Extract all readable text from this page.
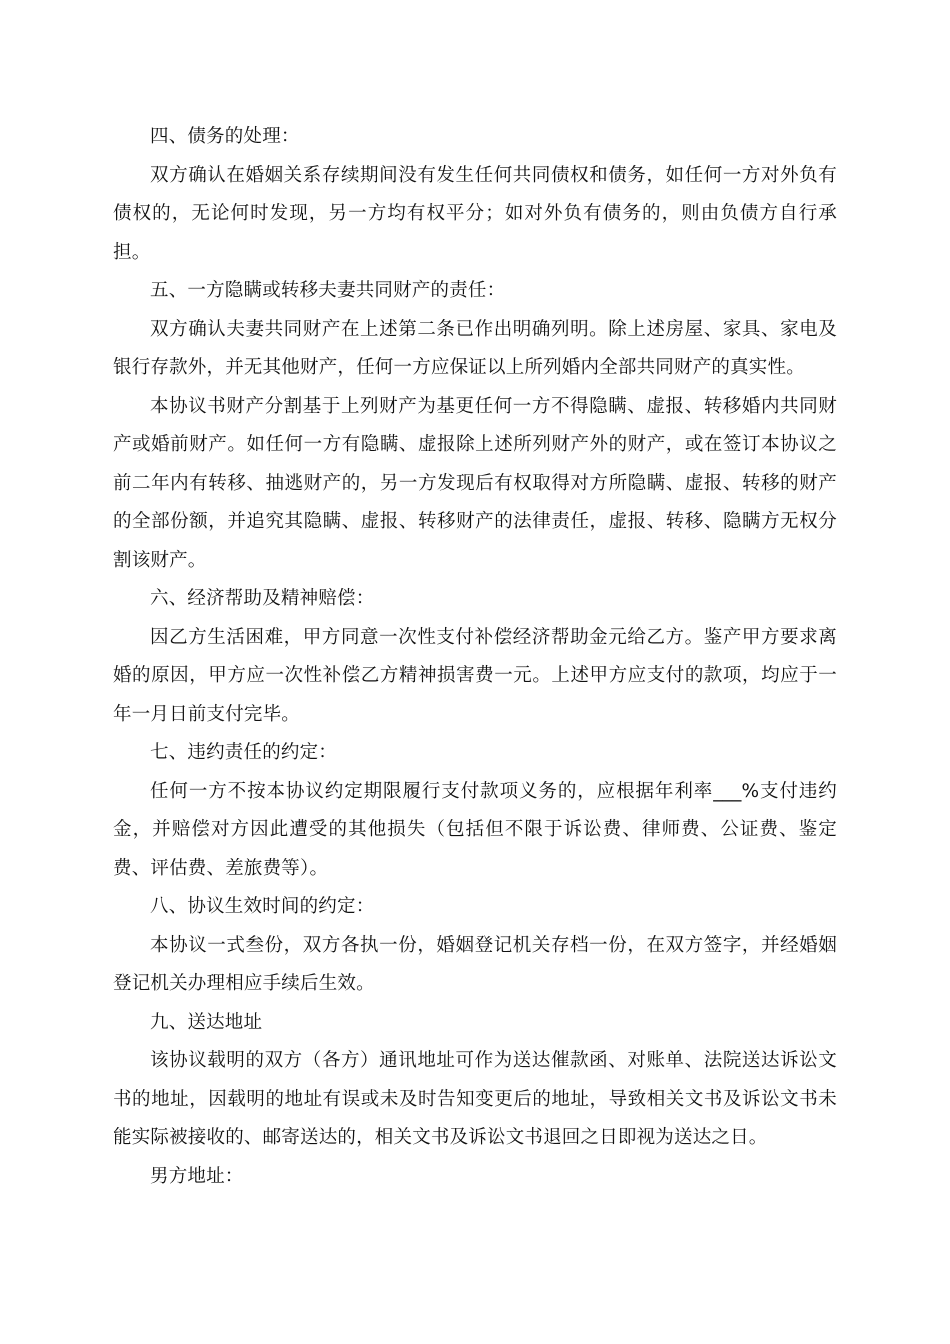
四、债务的处理：

双方确认在婚姻关系存续期间没有发生任何共同债权和债务，如任何一方对外负有债权的，无论何时发现，另一方均有权平分；如对外负有债务的，则由负债方自行承担。

五、一方隐瞒或转移夫妻共同财产的责任：

双方确认夫妻共同财产在上述第二条已作出明确列明。除上述房屋、家具、家电及银行存款外，并无其他财产，任何一方应保证以上所列婚内全部共同财产的真实性。

本协议书财产分割基于上列财产为基更任何一方不得隐瞒、虚报、转移婚内共同财产或婚前财产。如任何一方有隐瞒、虚报除上述所列财产外的财产，或在签订本协议之前二年内有转移、抽逃财产的，另一方发现后有权取得对方所隐瞒、虚报、转移的财产的全部份额，并追究其隐瞒、虚报、转移财产的法律责任，虚报、转移、隐瞒方无权分割该财产。

六、经济帮助及精神赔偿：

因乙方生活困难，甲方同意一次性支付补偿经济帮助金元给乙方。鉴产甲方要求离婚的原因，甲方应一次性补偿乙方精神损害费一元。上述甲方应支付的款项，均应于一年一月日前支付完毕。

七、违约责任的约定：

任何一方不按本协议约定期限履行支付款项义务的，应根据年利率___%支付违约金，并赔偿对方因此遭受的其他损失（包括但不限于诉讼费、律师费、公证费、鉴定费、评估费、差旅费等）。

八、协议生效时间的约定：

本协议一式叁份，双方各执一份，婚姻登记机关存档一份，在双方签字，并经婚姻登记机关办理相应手续后生效。

九、送达地址

该协议载明的双方（各方）通讯地址可作为送达催款函、对账单、法院送达诉讼文书的地址，因载明的地址有误或未及时告知变更后的地址，导致相关文书及诉讼文书未能实际被接收的、邮寄送达的，相关文书及诉讼文书退回之日即视为送达之日。

男方地址：
